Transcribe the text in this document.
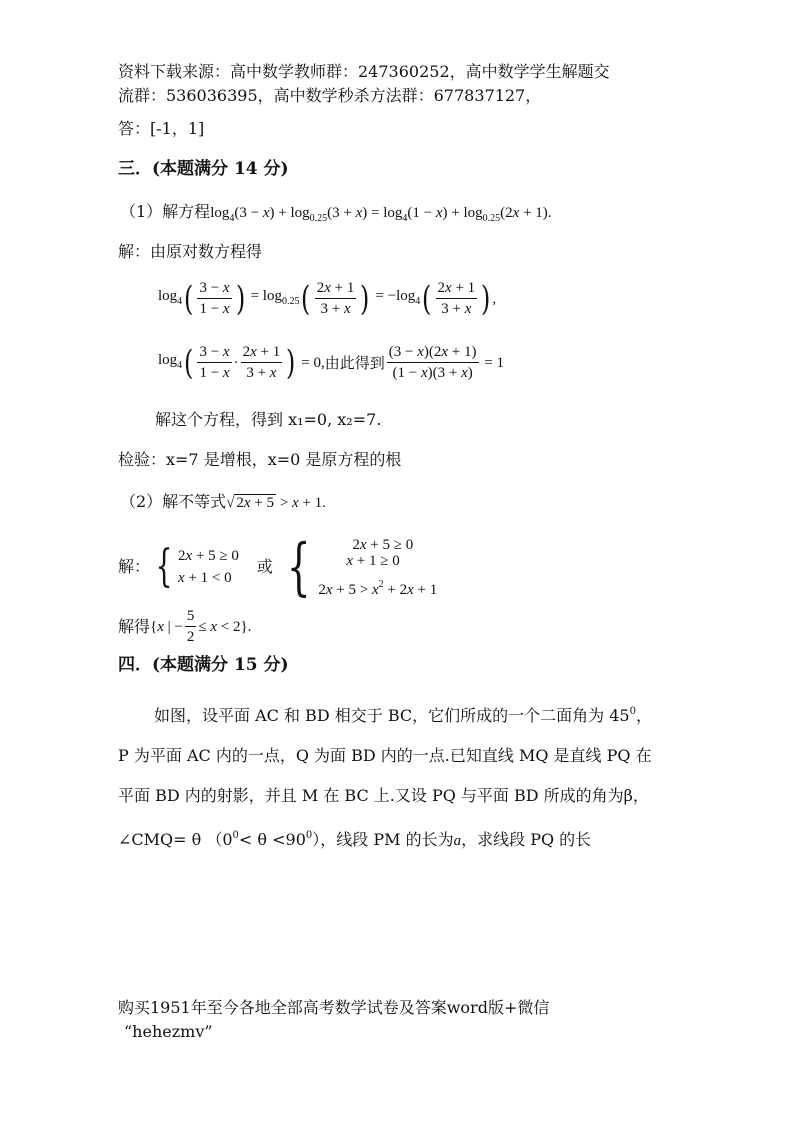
资料下载来源：高中数学教师群：247360252，高中数学学生解题交
流群：536036395，高中数学秒杀方法群：677837127，
答：[-1，1]
三．(本题满分 14 分)
（1）解方程$\log_4(3 - x) + \log_{0.25}(3 + x) = \log_4(1 - x) + \log_{0.25}(2x + 1)$.
解：由原对数方程得
$\log_4$ ( $\frac{3 - x}{1 - x}$ ) = $\log_{0.25}$ ( $\frac{2x + 1}{3 + x}$ ) = $-\log_4$ ( $\frac{2x + 1}{3 + x}$ ) ,
$\log_4$ ( $\frac{3 - x}{1 - x} \cdot \frac{2x + 1}{3 + x}$ ) = 0, 由此得到 $\frac{(3 - x)(2x + 1)}{(1 - x)(3 + x)} = 1$
解这个方程，得到 x₁=0, x₂=7.
检验：x=7 是增根，x=0 是原方程的根
（2）解不等式√ 2x + 5 > x + 1.
解： { 2x + 5 ≥ 0
x + 1 < 0
或 {	2x + 5 ≥ 0
x + 1 ≥ 0
$2x + 5 > x^2 + 2x + 1$
解得 {x | − $\frac{5}{2} \le x < 2$}.
四．(本题满分 15 分)
如图，设平面 AC 和 BD 相交于 BC，它们所成的一个二面角为 $45^0$，
P 为平面 AC 内的一点，Q 为面 BD 内的一点.已知直线 MQ 是直线 PQ 在
平面 BD 内的射影，并且 M 在 BC 上.又设 PQ 与平面 BD 所成的角为β，
∠CMQ= θ $(0^0< \theta <90^0)$，线段 PM 的长为a，求线段 PQ 的长
购买1951年至今各地全部高考数学试卷及答案word版+微信
“hehezmv”
